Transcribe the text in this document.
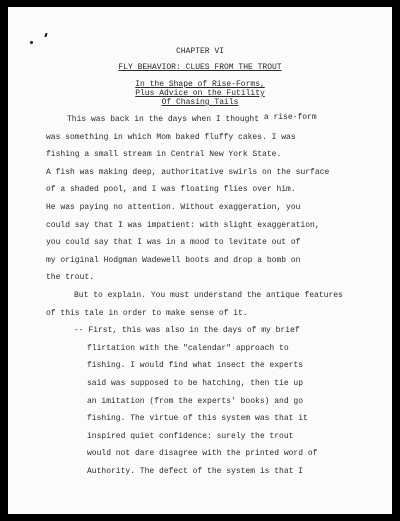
CHAPTER VI
FLY BEHAVIOR: CLUES FROM THE TROUT
In the Shape of Rise-Forms,
Plus Advice on the Futility
Of Chasing Tails
This was back in the days when I thought a rise-form
was something in which Mom baked fluffy cakes. I was
fishing a small stream in Central New York State.
A fish was making deep, authoritative swirls on the surface
of a shaded pool, and I was floating flies over him.
He was paying no attention. Without exaggeration, you
could say that I was impatient: with slight exaggeration,
you could say that I was in a mood to levitate out of
my original Hodgman Wadewell boots and drop a bomb on
the trout.
But to explain. You must understand the antique features
of this tale in order to make sense of it.
-- First, this was also in the days of my brief
flirtation with the "calendar" approach to
fishing. I would find what insect the experts
said was supposed to be hatching, then tie up
an imitation (from the experts' books) and go
fishing. The virtue of this system was that it
inspired quiet confidence: surely the trout
would not dare disagree with the printed word of
Authority. The defect of the system is that I
